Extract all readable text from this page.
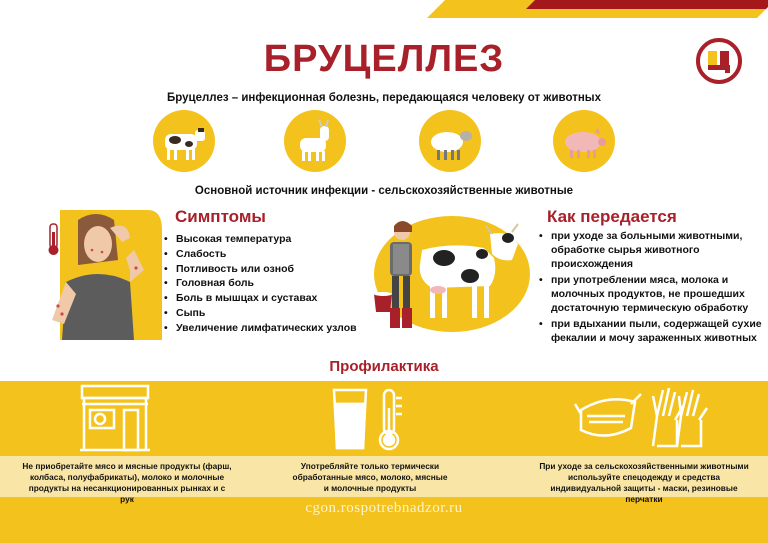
БРУЦЕЛЛЕЗ
Бруцеллез – инфекционная болезнь, передающаяся человеку от животных
Основной источник инфекции - сельскохозяйственные животные
Симптомы
• Высокая температура
• Слабость
• Потливость или озноб
• Головная боль
• Боль в мышцах и суставах
• Сыпь
• Увеличение лимфатических узлов
Как передается
• при уходе за больными животными, обработке сырья животного происхождения
• при употреблении мяса, молока и молочных продуктов, не прошедших достаточную термическую обработку
• при вдыхании пыли, содержащей сухие фекалии и мочу зараженных животных
Профилактика
Не приобретайте мясо и мясные продукты (фарш, колбаса, полуфабрикаты), молоко и молочные продукты на несанкционированных рынках и с рук
Употребляйте только термически обработанные мясо, молоко, мясные и молочные продукты
При уходе за сельскохозяйственными животными используйте спецодежду и средства индивидуальной защиты - маски, резиновые перчатки
cgon.rospotrebnadzor.ru
